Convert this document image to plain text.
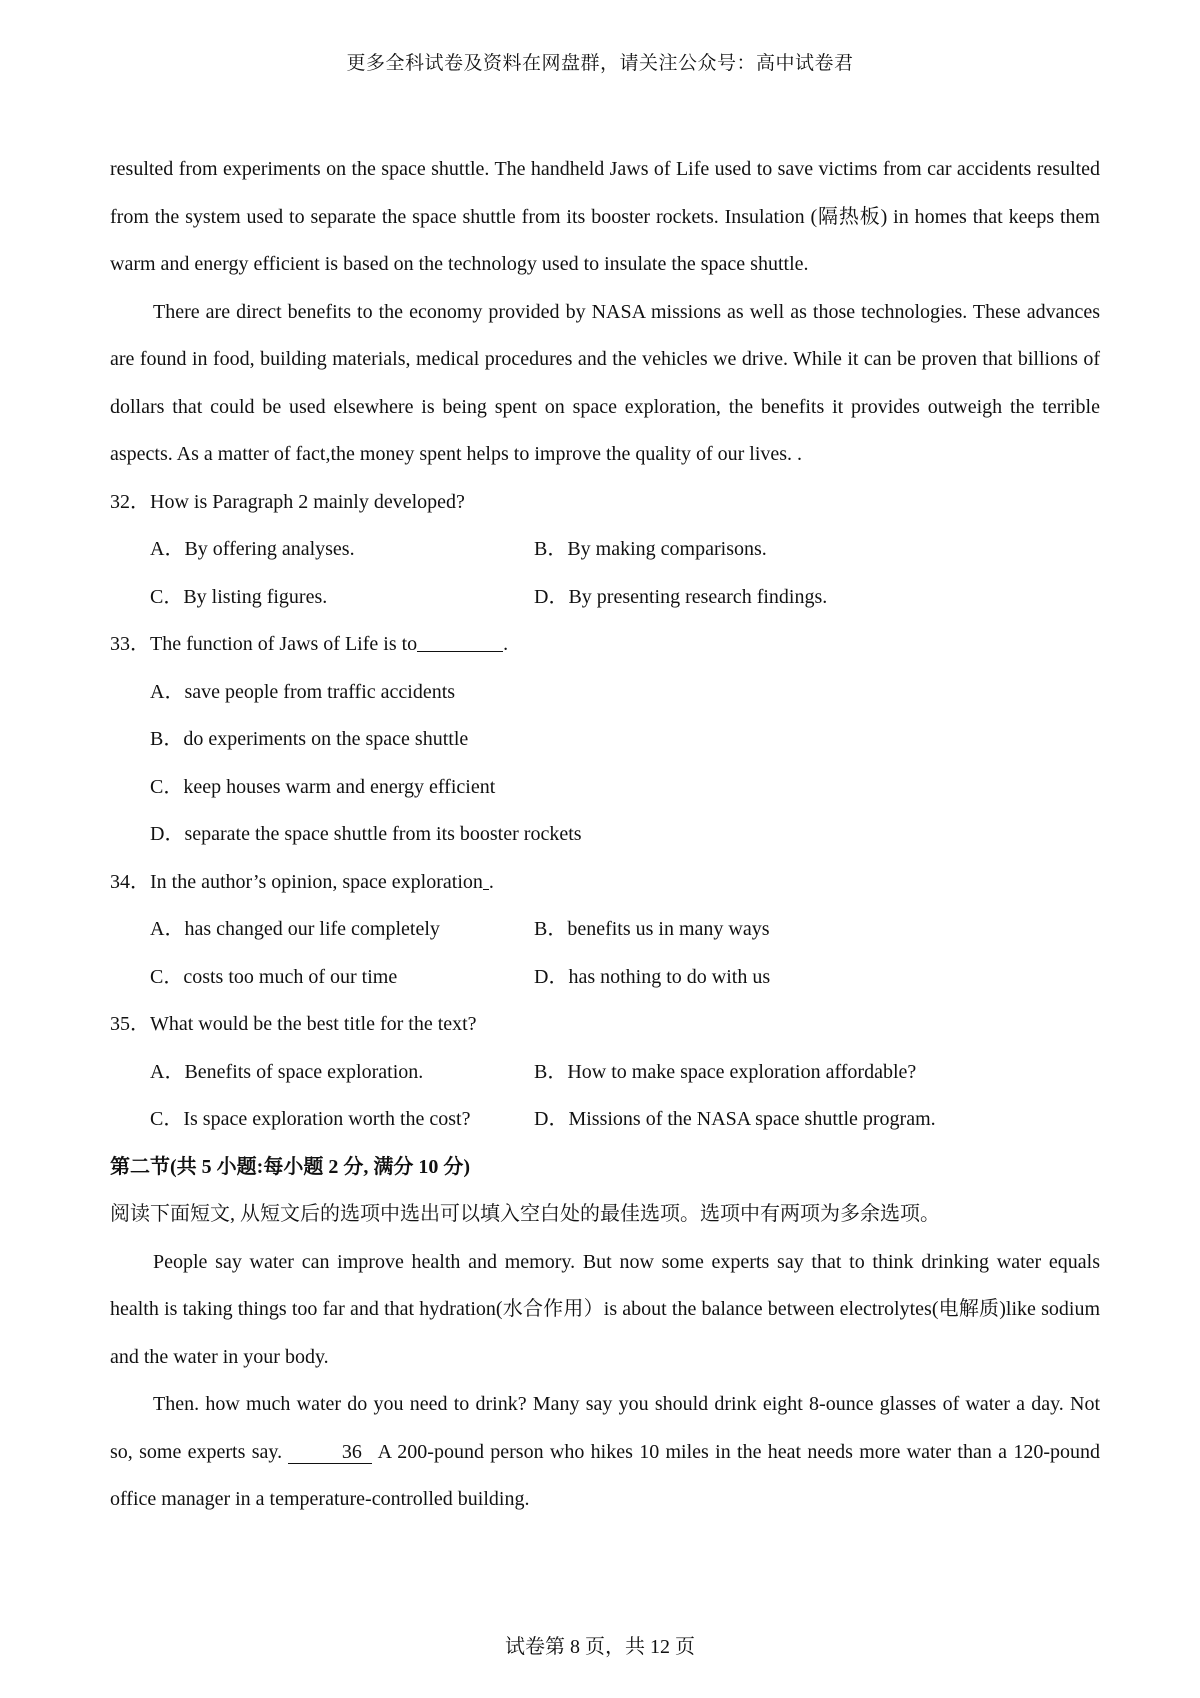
更多全科试卷及资料在网盘群，请关注公众号：高中试卷君

resulted from experiments on the space shuttle. The handheld Jaws of Life used to save victims from car accidents resulted from the system used to separate the space shuttle from its booster rockets. Insulation (隔热板) in homes that keeps them warm and energy efficient is based on the technology used to insulate the space shuttle.

There are direct benefits to the economy provided by NASA missions as well as those technologies. These advances are found in food, building materials, medical procedures and the vehicles we drive. While it can be proven that billions of dollars that could be used elsewhere is being spent on space exploration, the benefits it provides outweigh the terrible aspects. As a matter of fact,the money spent helps to improve the quality of our lives. .

32．How is Paragraph 2 mainly developed?

A．By offering analyses.	B．By making comparisons.
C．By listing figures.	D．By presenting research findings.

33．The function of Jaws of Life is to	.

A．save people from traffic accidents
B．do experiments on the space shuttle
C．keep houses warm and energy efficient
D．separate the space shuttle from its booster rockets

34．In the author’s opinion, space exploration .

A．has changed our life completely	B．benefits us in many ways
C．costs too much of our time	D．has nothing to do with us

35．What would be the best title for the text?

A．Benefits of space exploration.	B．How to make space exploration affordable?
C．Is space exploration worth the cost?	D．Missions of the NASA space shuttle program.

第二节(共 5 小题:每小题 2 分, 满分 10 分)

阅读下面短文, 从短文后的选项中选出可以填入空白处的最佳选项。选项中有两项为多余选项。

People say water can improve health and memory. But now some experts say that to think drinking water equals health is taking things too far and that hydration(水合作用）is about the balance between electrolytes(电解质)like sodium and the water in your body.

Then. how much water do you need to drink? Many say you should drink eight 8-ounce glasses of water a day. Not so, some experts say.	36 A 200-pound person who hikes 10 miles in the heat needs more water than a 120-pound office manager in a temperature-controlled building.

试卷第 8 页，共 12 页
